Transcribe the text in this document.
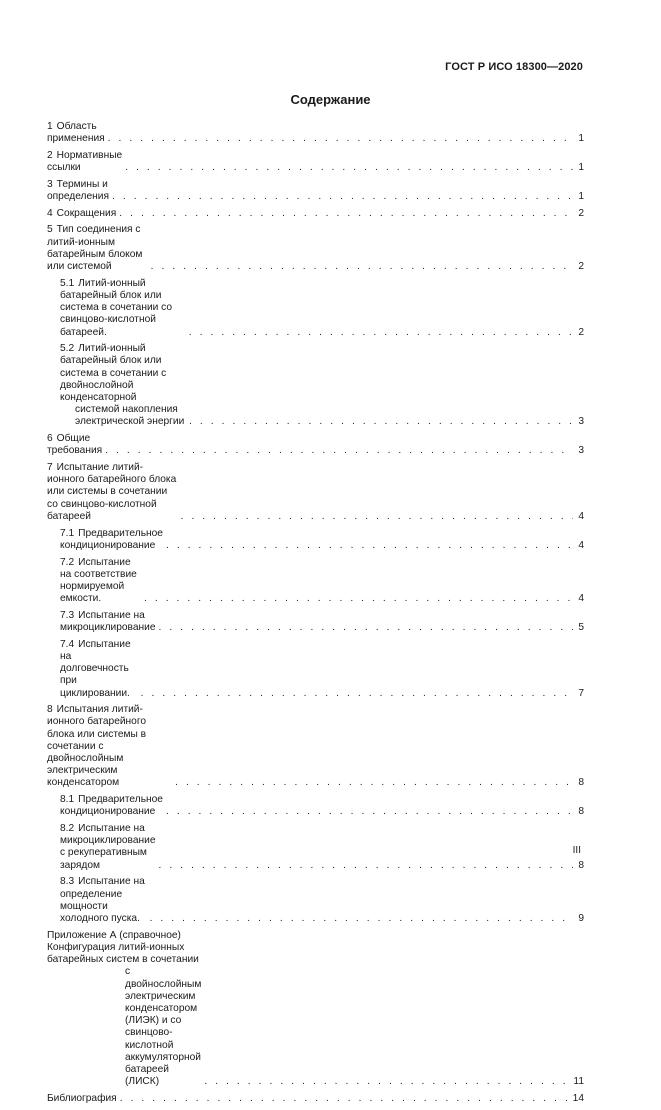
ГОСТ Р ИСО 18300—2020
Содержание
1 Область применения . . .	1
2 Нормативные ссылки . . .	1
3 Термины и определения . . .	1
4 Сокращения . . .	2
5 Тип соединения с литий-ионным батарейным блоком или системой . . .	2
5.1 Литий-ионный батарейный блок или система в сочетании со свинцово-кислотной батареей. . . .	2
5.2 Литий-ионный батарейный блок или система в сочетании с двойнослойной конденсаторной
системой накопления электрической энергии . . .	3
6 Общие требования . . .	3
7 Испытание литий-ионного батарейного блока или системы в сочетании со свинцово-кислотной
батареей . . .	4
7.1 Предварительное кондиционирование . . .	4
7.2 Испытание на соответствие нормируемой емкости. . . .	4
7.3 Испытание на микроциклирование . . .	5
7.4 Испытание на долговечность при циклировании. . . .	7
8 Испытания литий-ионного батарейного блока или системы в сочетании с двойнослойным
электрическим конденсатором . . .	8
8.1 Предварительное кондиционирование . . .	8
8.2 Испытание на микроциклирование с рекуперативным зарядом . . .	8
8.3 Испытание на определение мощности холодного пуска. . . .	9
Приложение А (справочное) Конфигурация литий-ионных батарейных систем в сочетании
с двойнослойным электрическим конденсатором (ЛИЭК) и со свинцово-кислотной
аккумуляторной батареей (ЛИСК) . . .	11
Библиография . . .	14
III
